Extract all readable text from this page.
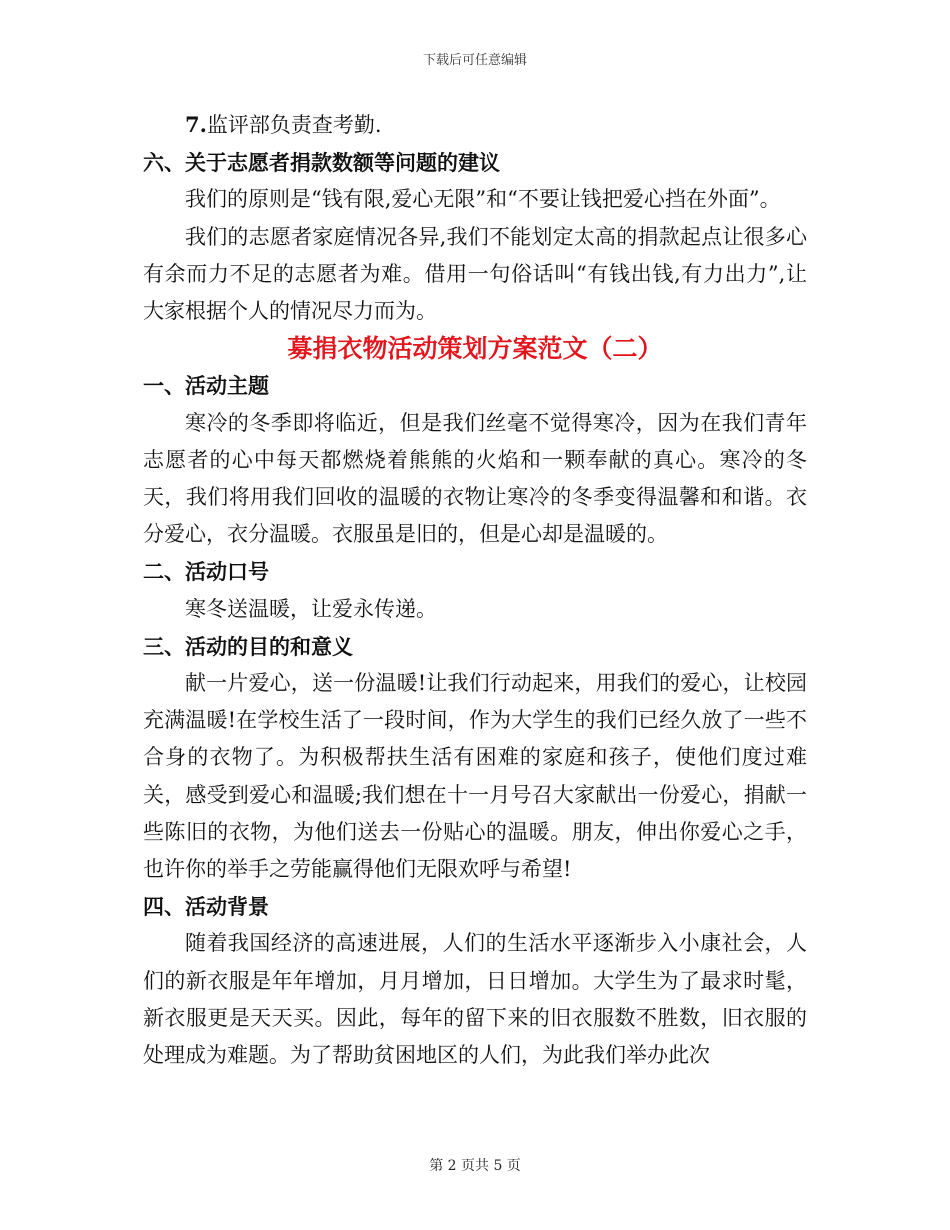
下载后可任意编辑

7.监评部负责查考勤.

六、关于志愿者捐款数额等问题的建议

我们的原则是“钱有限,爱心无限”和“不要让钱把爱心挡在外面”。

我们的志愿者家庭情况各异,我们不能划定太高的捐款起点让很多心有余而力不足的志愿者为难。借用一句俗话叫“有钱出钱,有力出力”,让大家根据个人的情况尽力而为。

募捐衣物活动策划方案范文（二）

一、活动主题

寒冷的冬季即将临近，但是我们丝毫不觉得寒冷，因为在我们青年志愿者的心中每天都燃烧着熊熊的火焰和一颗奉献的真心。寒冷的冬天，我们将用我们回收的温暖的衣物让寒冷的冬季变得温馨和和谐。衣分爱心，衣分温暖。衣服虽是旧的，但是心却是温暖的。

二、活动口号

寒冬送温暖，让爱永传递。

三、活动的目的和意义

献一片爱心，送一份温暖!让我们行动起来，用我们的爱心，让校园充满温暖!在学校生活了一段时间，作为大学生的我们已经久放了一些不合身的衣物了。为积极帮扶生活有困难的家庭和孩子，使他们度过难关，感受到爱心和温暖;我们想在十一月号召大家献出一份爱心，捐献一些陈旧的衣物，为他们送去一份贴心的温暖。朋友，伸出你爱心之手，也许你的举手之劳能赢得他们无限欢呼与希望!

四、活动背景

随着我国经济的高速进展，人们的生活水平逐渐步入小康社会，人们的新衣服是年年增加，月月增加，日日增加。大学生为了最求时髦，新衣服更是天天买。因此，每年的留下来的旧衣服数不胜数，旧衣服的处理成为难题。为了帮助贫困地区的人们，为此我们举办此次

第 2 页共 5 页
